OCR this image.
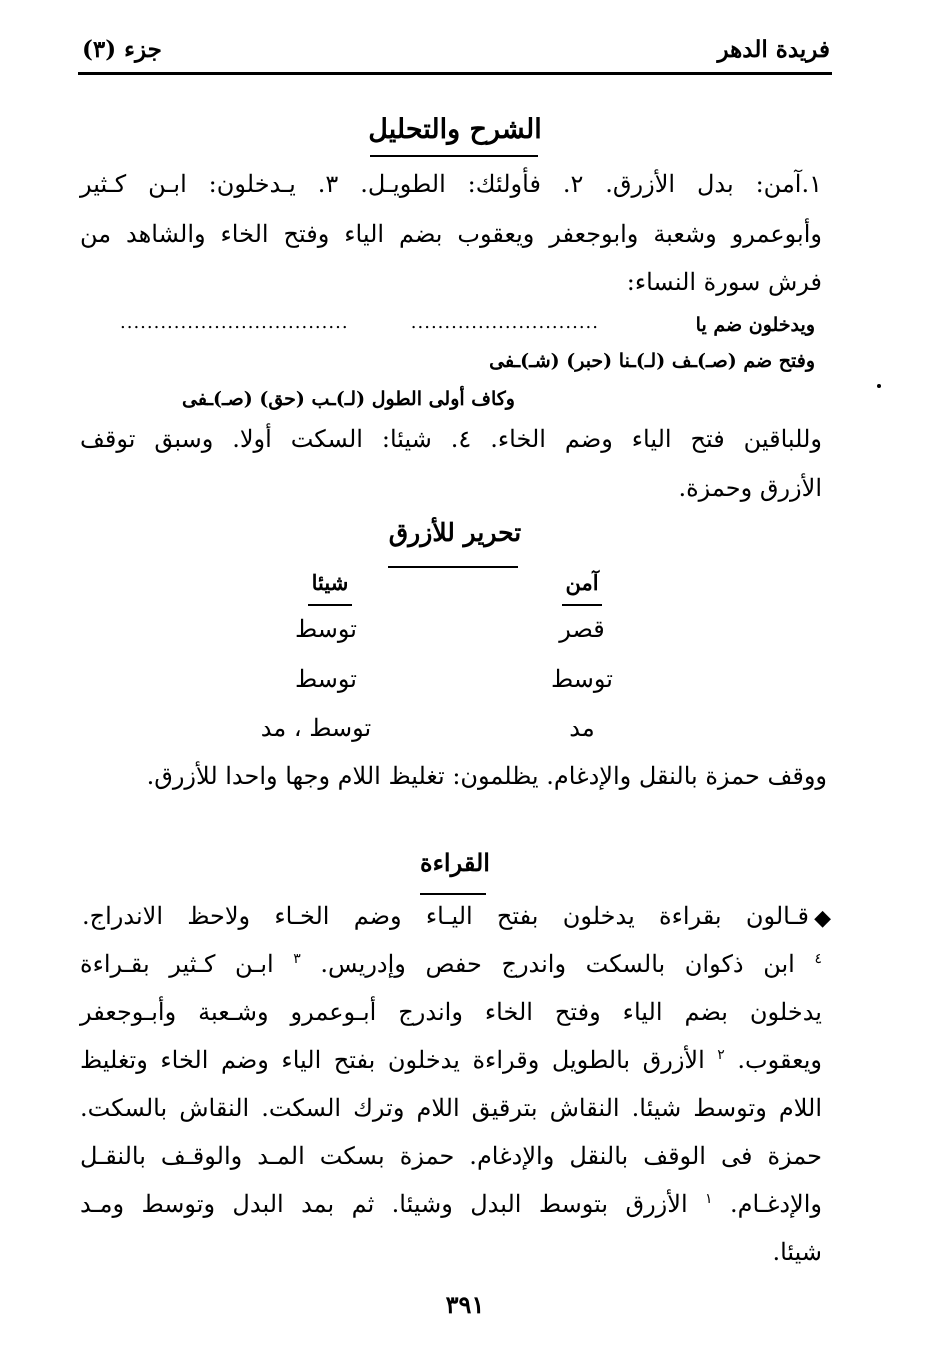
فريدة الدهر
جزء (٣)
الشرح والتحليل
١.آمن: بدل الأزرق. ٢. فأولئك: الطويـل. ٣. يـدخلون: ابـن كـثير
وأبوعمرو وشعبة وابوجعفر ويعقوب بضم الياء وفتح الخاء والشاهد من
فرش سورة النساء:
ويدخلون ضم يا
............................
..................................
وفتح ضم (صـ)ـف (لـ)ـنا (حبر) (شـ)ـفى
وكاف أولى الطول (لـ)ـب (حق) (صـ)ـفى
وللباقين فتح الياء وضم الخاء. ٤. شيئا: السكت أولا. وسبق توقف
الأزرق وحمزة.
تحرير للأزرق
آمن
شيئا
قصر
توسط
توسط
توسط
مد
توسط ، مد
ووقف حمزة بالنقل والإدغام. يظلمون: تغليظ اللام وجها واحدا للأزرق.
القراءة
◆
قـالون بقراءة يدخلون بفتح اليـاء وضم الخـاء ولاحظ الاندراج.
$^٤$ ابن ذكوان بالسكت واندرج حفص وإدريس. $^٣$ ابـن كـثير بقـراءة
يدخلون بضم الياء وفتح الخاء واندرج أبـوعمرو وشـعبة وأبـوجعفر
ويعقوب. $^٢$ الأزرق بالطويل وقراءة يدخلون بفتح الياء وضم الخاء وتغليظ
اللام وتوسط شيئا. النقاش بترقيق اللام وترك السكت. النقاش بالسكت.
حمزة فى الوقف بالنقل والإدغام. حمزة بسكت المـد والوقـف بالنقـل
والإدغـام. $^١$ الأزرق بتوسط البدل وشيئا. ثم بمد البدل وتوسط ومـد
شيئا.
٣٩١
